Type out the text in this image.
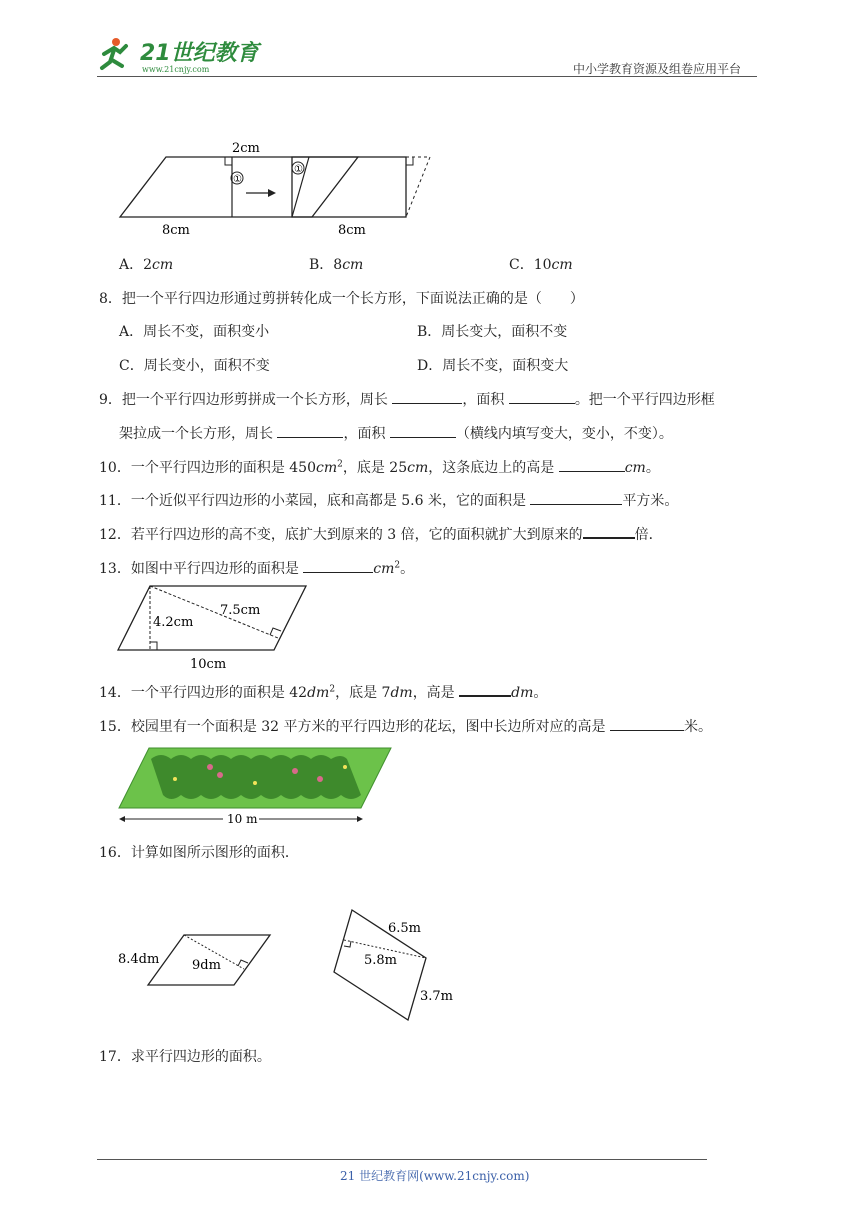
21世纪教育
www.21cnjy.com	中小学教育资源及组卷应用平台
①
2cm
8cm
①
8cm
A．2cm	B．8cm	C．10cm
8．把一个平行四边形通过剪拼转化成一个长方形，下面说法正确的是（　　）
A．周长不变，面积变小	B．周长变大，面积不变
C．周长变小，面积不变	D．周长不变，面积变大
9．把一个平行四边形剪拼成一个长方形，周长	，面积	。把一个平行四边形框
架拉成一个长方形，周长	，面积	（横线内填写变大，变小，不变）。
10．一个平行四边形的面积是 $450cm^2$，底是 25cm，这条底边上的高是	cm。
11．一个近似平行四边形的小菜园，底和高都是 5.6 米，它的面积是	平方米。
12．若平行四边形的高不变，底扩大到原来的 3 倍，它的面积就扩大到原来的	倍．
13．如图中平行四边形的面积是	$cm^2$。
4.2cm
7.5cm
10cm
14．一个平行四边形的面积是 $42dm^2$，底是 7dm，高是	dm。
15．校园里有一个面积是 32 平方米的平行四边形的花坛，图中长边所对应的高是	米。
10 m
16．计算如图所示图形的面积．
8.4dm	9dm
6.5m
5.8m
3.7m
17．求平行四边形的面积。
21 世纪教育网(www.21cnjy.com)
